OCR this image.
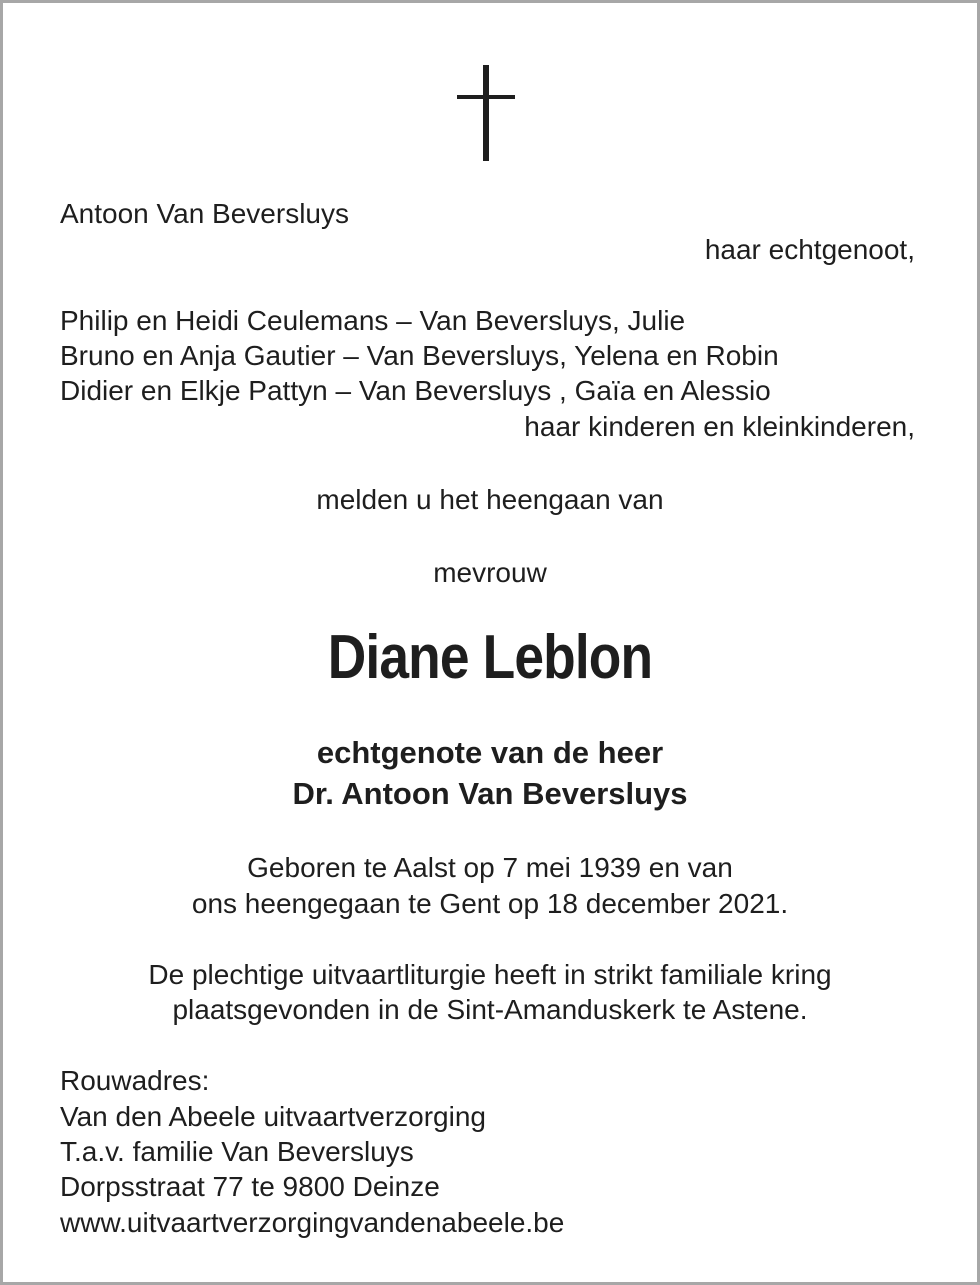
Antoon Van Beversluys

haar echtgenoot,

Philip en Heidi Ceulemans – Van Beversluys, Julie

Bruno en Anja Gautier – Van Beversluys, Yelena en Robin

Didier en Elkje Pattyn – Van Beversluys , Gaïa en Alessio

haar kinderen en kleinkinderen,

melden u het heengaan van

mevrouw

Diane Leblon

echtgenote van de heer

Dr. Antoon Van Beversluys

Geboren te Aalst op 7 mei 1939 en van

ons heengegaan te Gent op 18 december 2021.

De plechtige uitvaartliturgie heeft in strikt familiale kring

plaatsgevonden in de Sint-Amanduskerk te Astene.

Rouwadres:

Van den Abeele uitvaartverzorging

T.a.v. familie Van Beversluys

Dorpsstraat 77 te 9800 Deinze

www.uitvaartverzorgingvandenabeele.be
